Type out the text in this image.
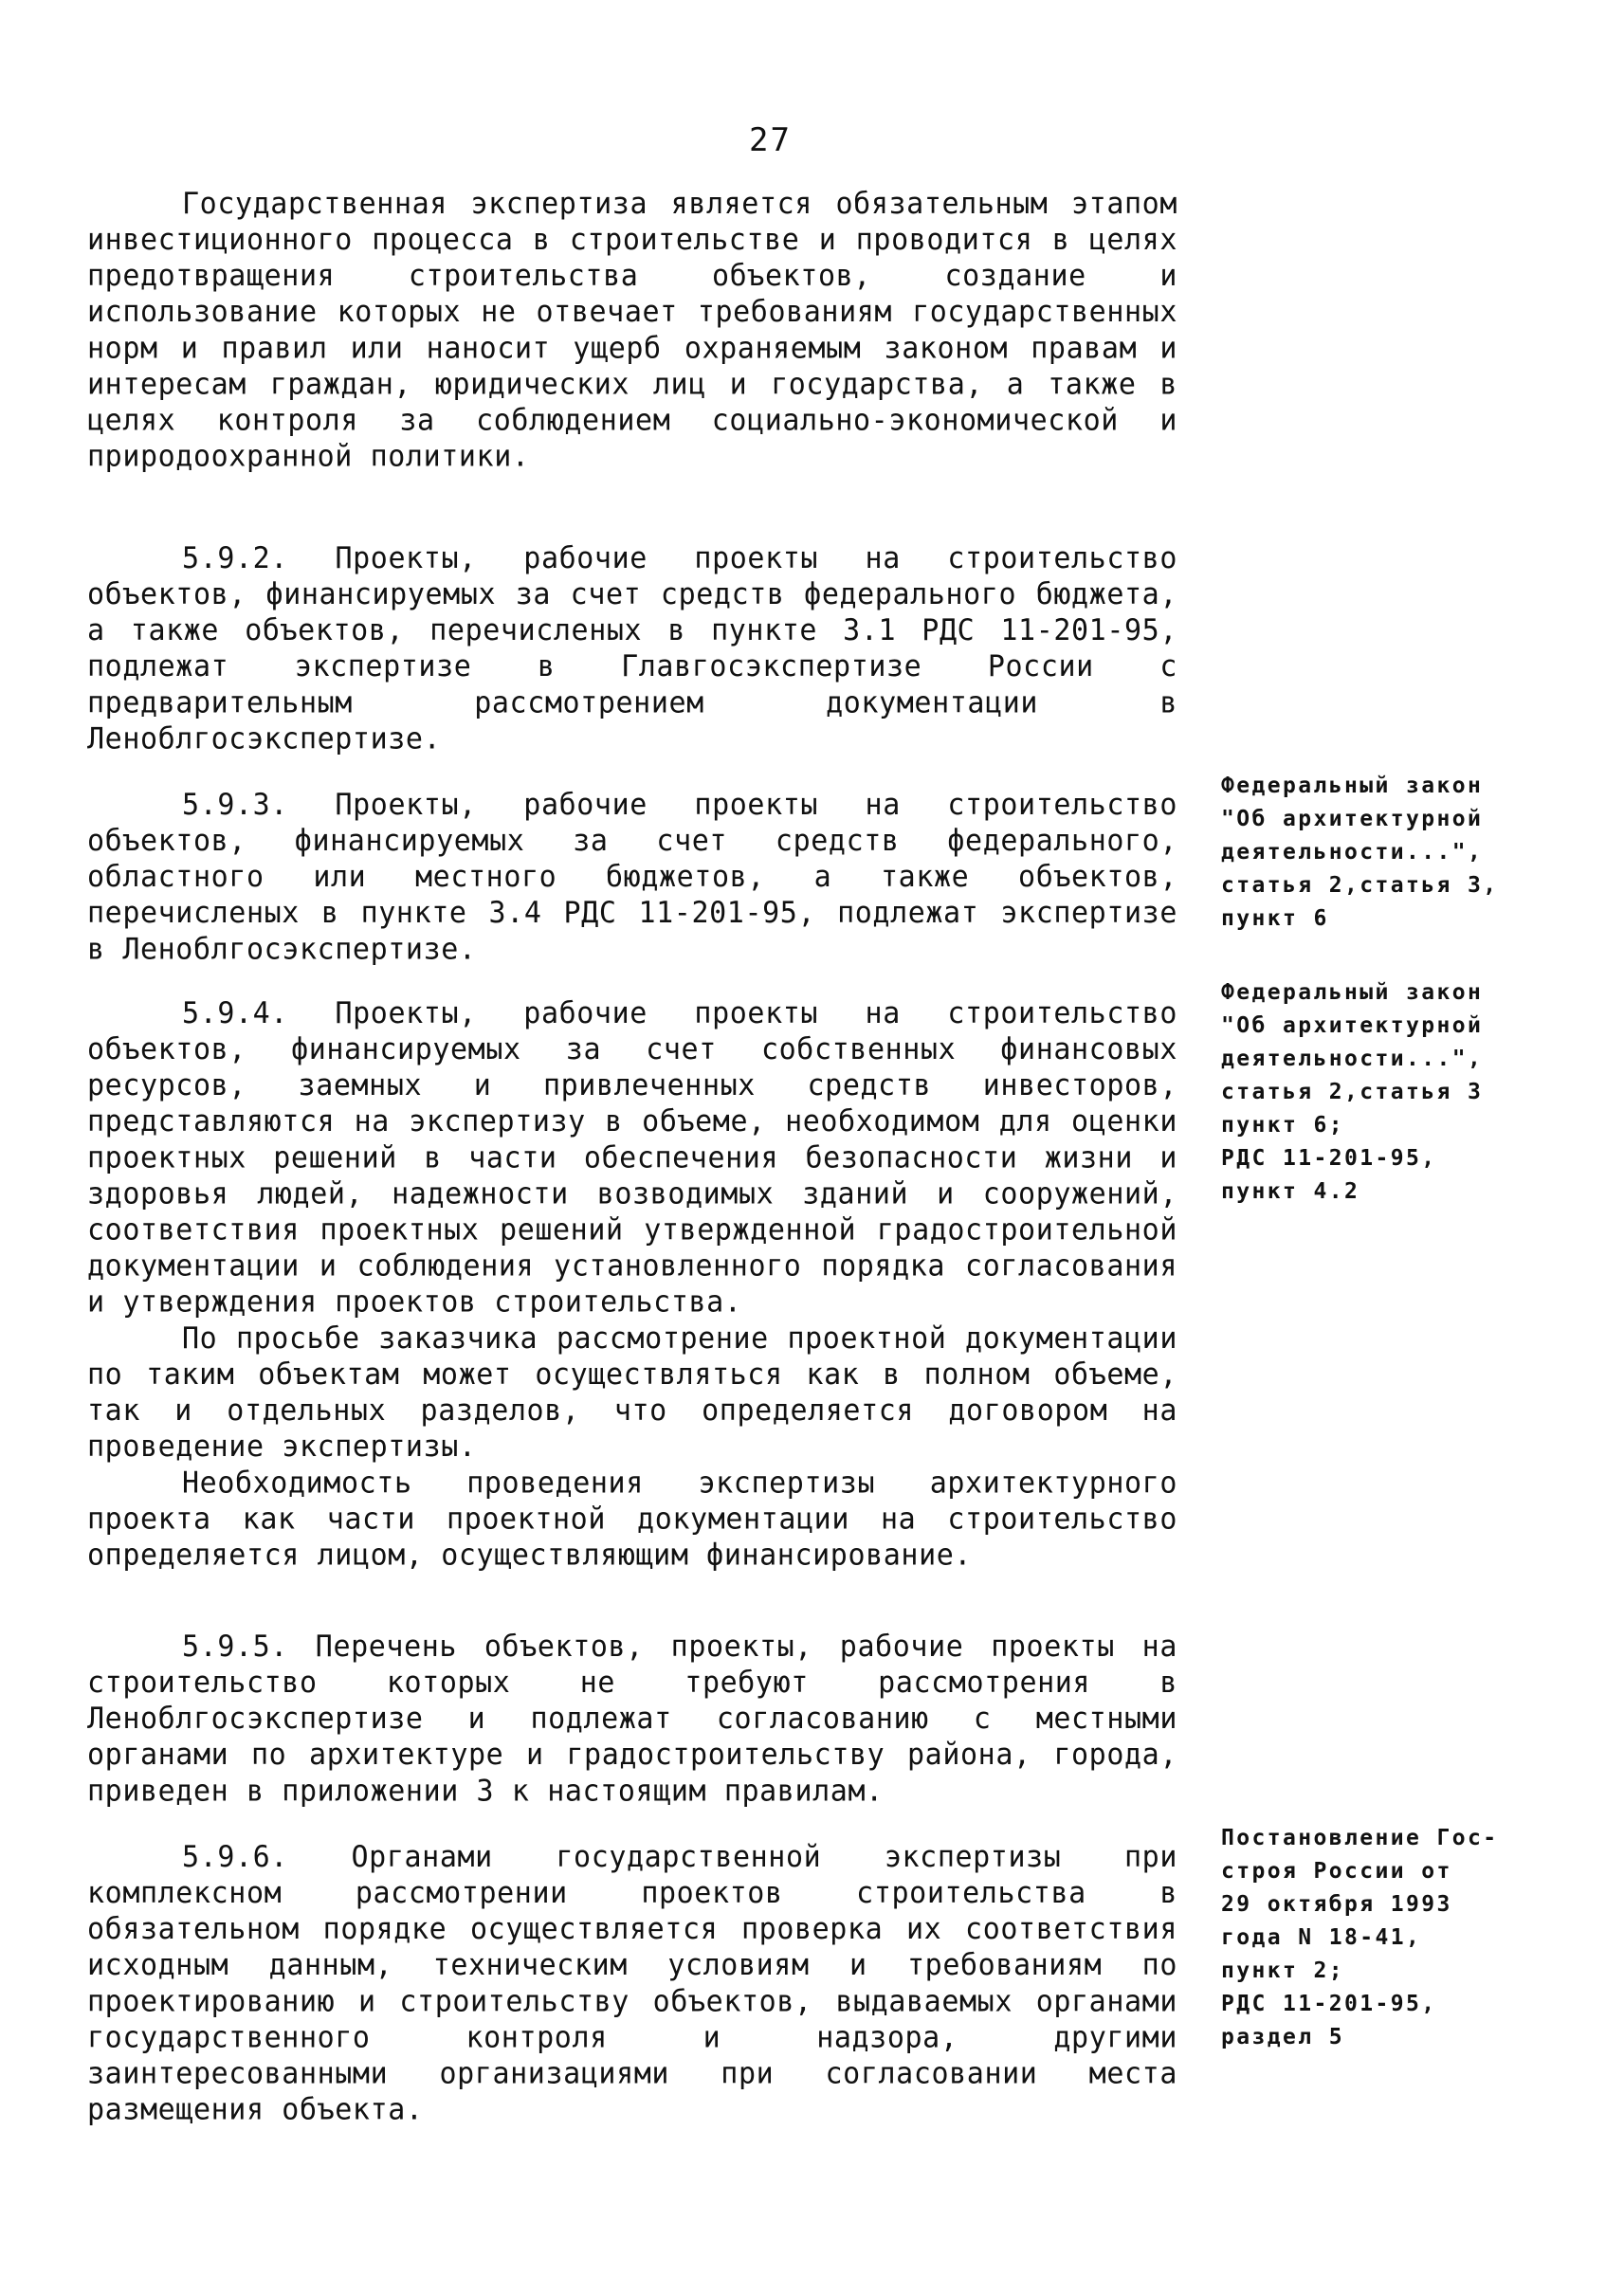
27

Государственная экспертиза является обязательным этапом инвестиционного процесса в строительстве и проводится в целях предотвращения строительства объектов, создание и использование которых не отвечает требованиям государственных норм и правил или наносит ущерб охраняемым законом правам и интересам граждан, юридических лиц и государства, а также в целях контроля за соблюдением социально-экономической и природоохранной политики.

5.9.2. Проекты, рабочие проекты на строительство объектов, финансируемых за счет средств федерального бюджета, а также объектов, перечисленых в пункте 3.1 РДС 11-201-95, подлежат экспертизе в Главгосэкспертизе России с предварительным рассмотрением документации в Леноблгосэкспертизе.

5.9.3. Проекты, рабочие проекты на строительство объектов, финансируемых за счет средств федерального, областного или местного бюджетов, а также объектов, перечисленых в пункте 3.4 РДС 11-201-95, подлежат экспертизе в Леноблгосэкспертизе.

5.9.4. Проекты, рабочие проекты на строительство объектов, финансируемых за счет собственных финансовых ресурсов, заемных и привлеченных средств инвесторов, представляются на экспертизу в объеме, необходимом для оценки проектных решений в части обеспечения безопасности жизни и здоровья людей, надежности возводимых зданий и сооружений, соответствия проектных решений утвержденной градостроительной документации и соблюдения установленного порядка согласования и утверждения проектов строительства.

По просьбе заказчика рассмотрение проектной документации по таким объектам может осуществляться как в полном объеме, так и отдельных разделов, что определяется договором на проведение экспертизы.

Необходимость проведения экспертизы архитектурного проекта как части проектной документации на строительство определяется лицом, осуществляющим финансирование.

5.9.5. Перечень объектов, проекты, рабочие проекты на строительство которых не требуют рассмотрения в Леноблгосэкспертизе и подлежат согласованию с местными органами по архитектуре и градостроительству района, города, приведен в приложении 3 к настоящим правилам.

5.9.6. Органами государственной экспертизы при комплексном рассмотрении проектов строительства в обязательном порядке осуществляется проверка их соответствия исходным данным, техническим условиям и требованиям по проектированию и строительству объектов, выдаваемых органами государственного контроля и надзора, другими заинтересованными организациями при согласовании места размещения объекта.

Федеральный закон
"Об архитектурной
деятельности...",
статья 2,статья 3,
пункт 6
Федеральный закон
"Об архитектурной
деятельности...",
статья 2,статья 3
пункт 6;
РДС 11-201-95,
пункт 4.2
Постановление Гос-
строя России от
29 октября 1993
года N 18-41,
пункт 2;
РДС 11-201-95,
раздел 5
